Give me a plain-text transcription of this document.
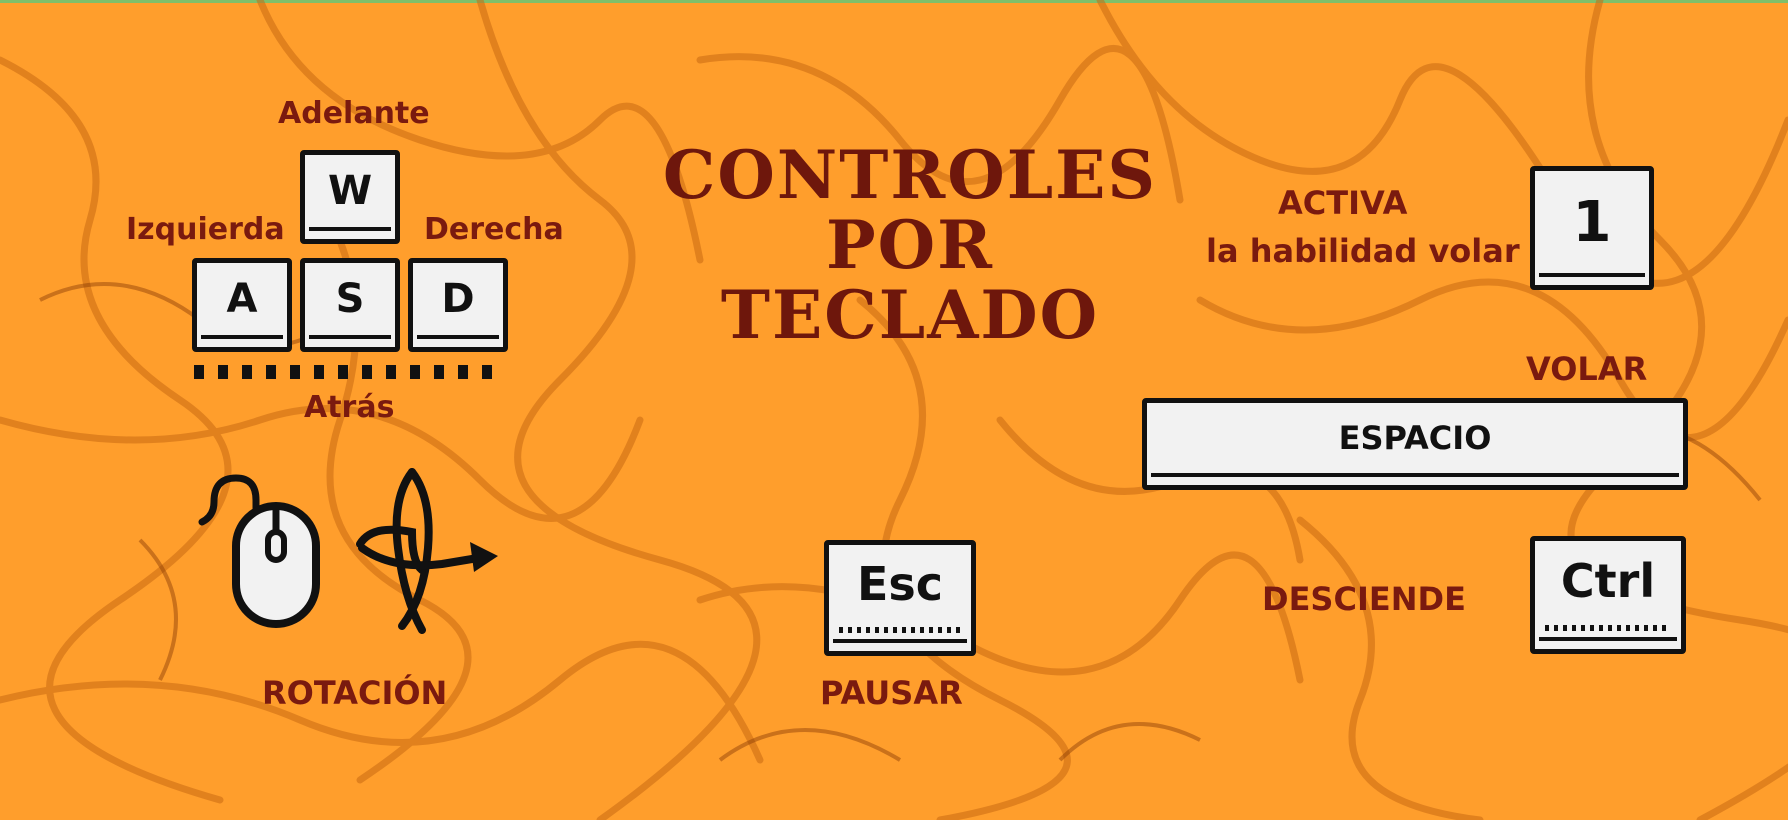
CONTROLES
POR
TECLADO
Adelante
Izquierda	Derecha
Atrás
W
A S D
ROTACIÓN
Esc
PAUSAR
ACTIVA
la habilidad volar 1
VOLAR
ESPACIO
DESCIENDE Ctrl
